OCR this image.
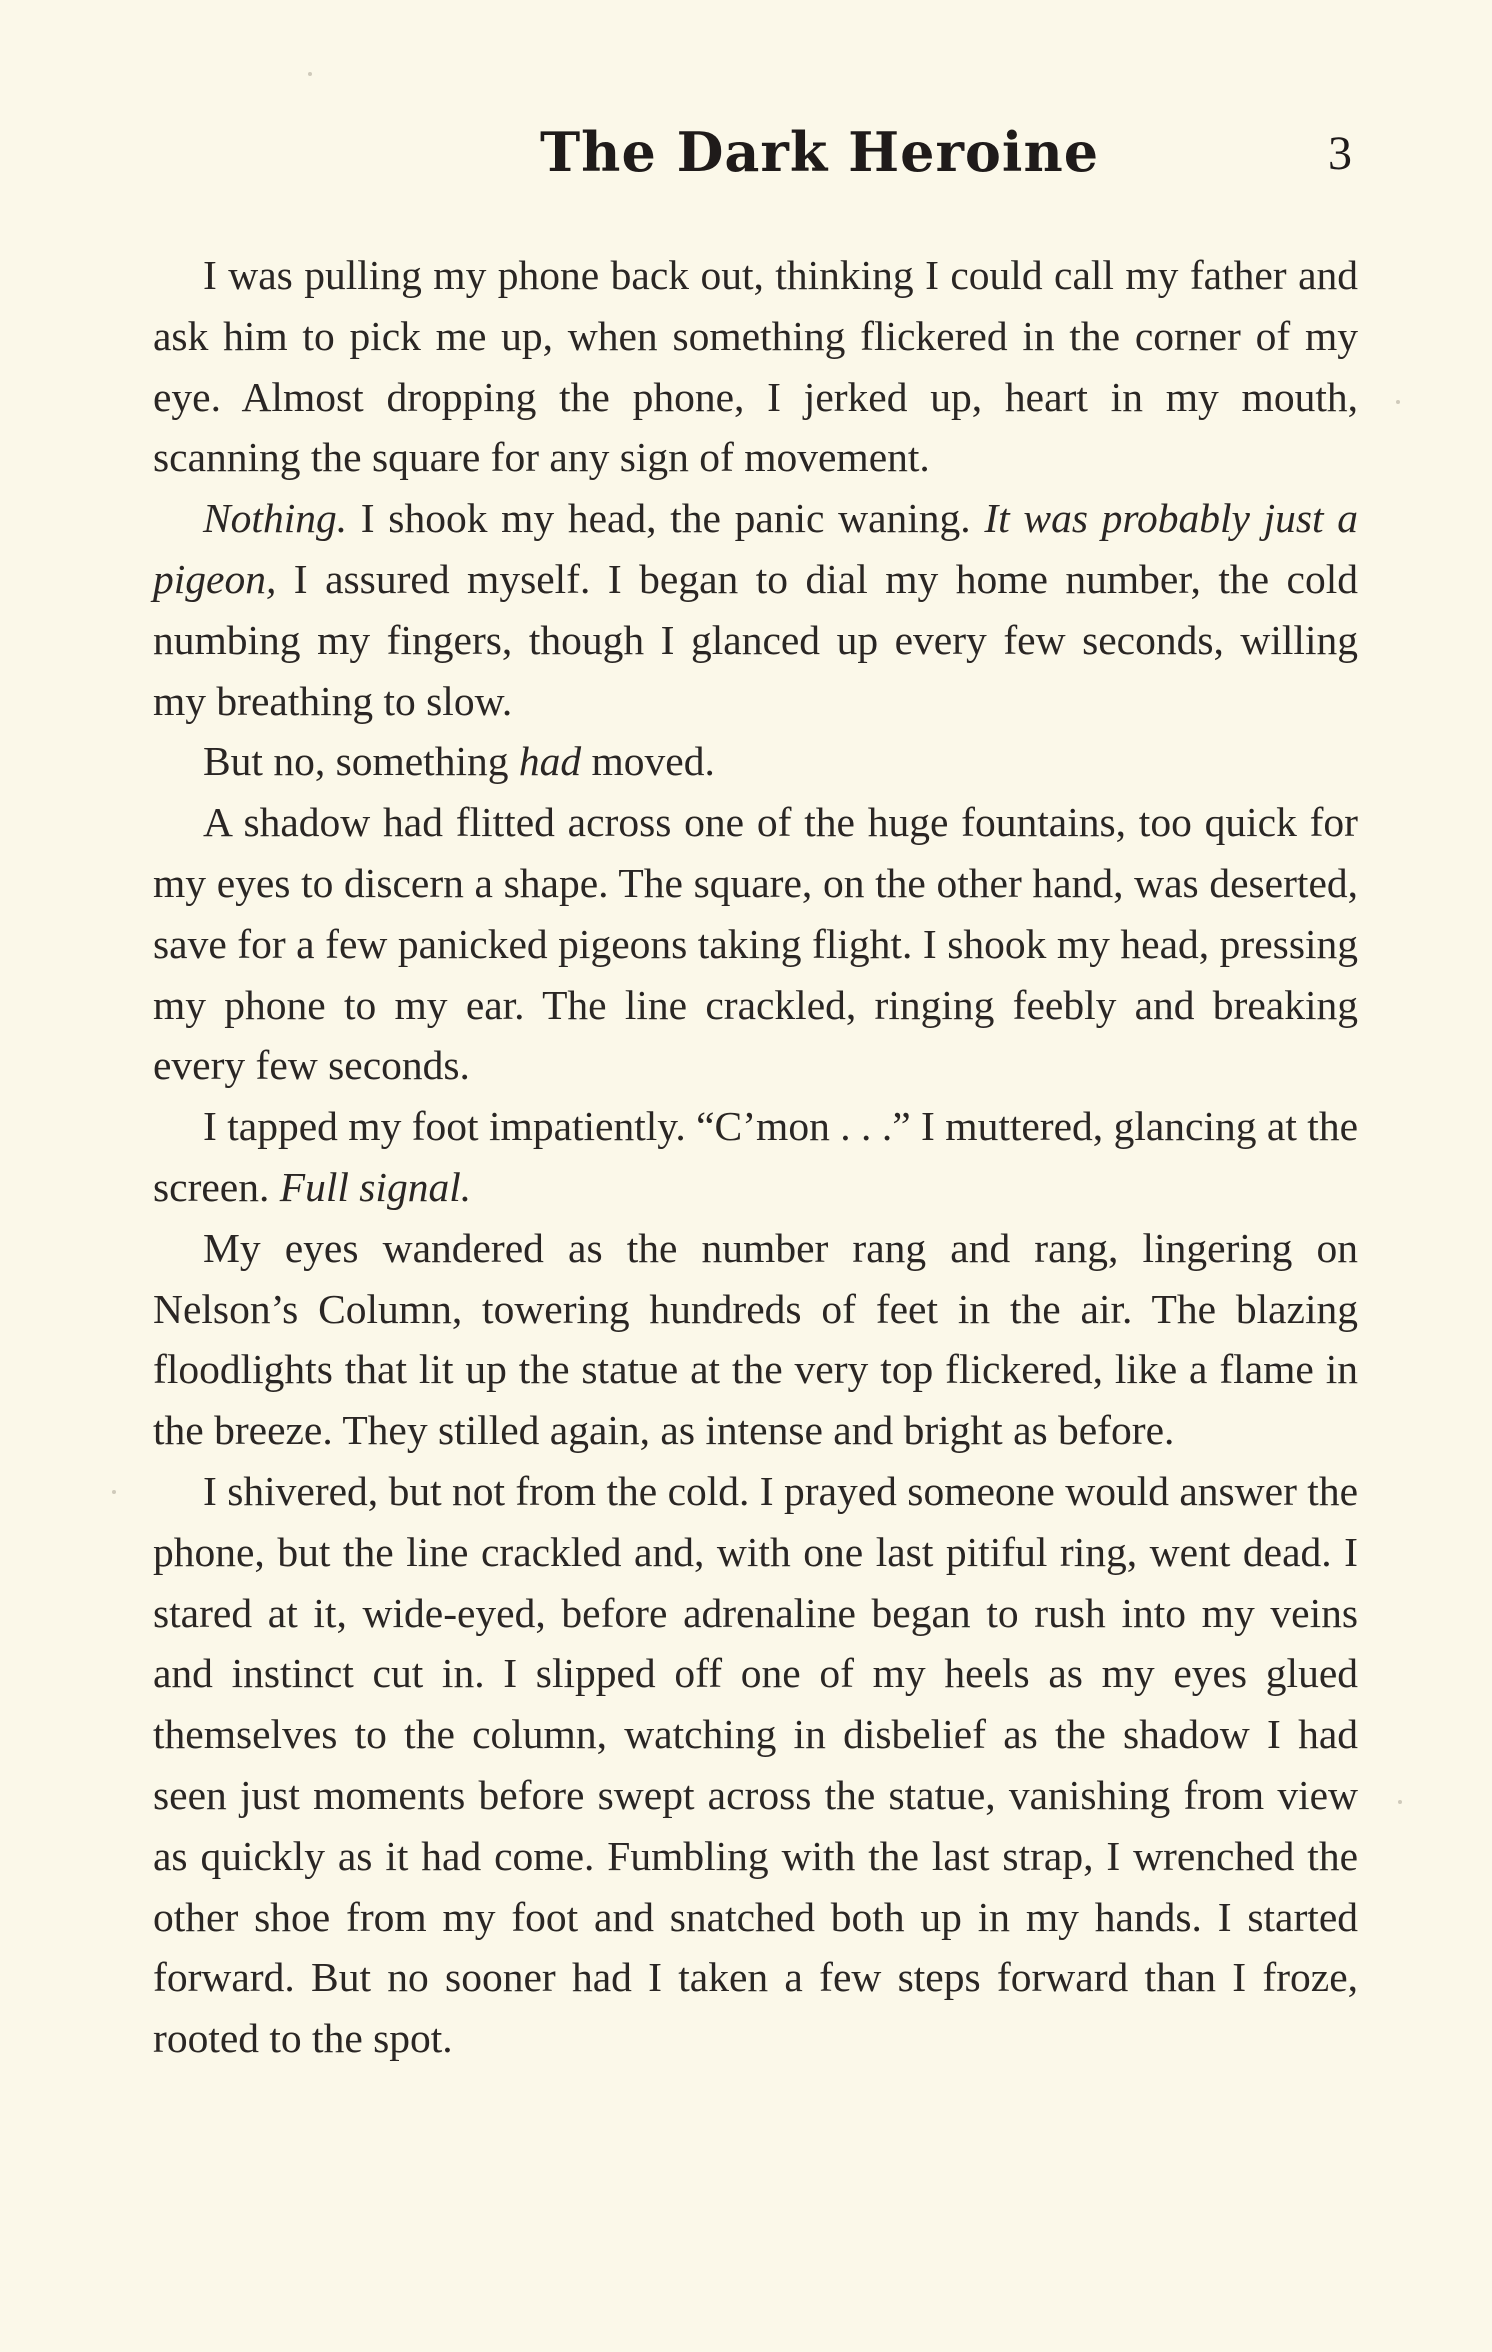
The Dark Heroine	3

I was pulling my phone back out, thinking I could call my father and ask him to pick me up, when something flickered in the corner of my eye. Almost dropping the phone, I jerked up, heart in my mouth, scanning the square for any sign of movement.

Nothing. I shook my head, the panic waning. It was probably just a pigeon, I assured myself. I began to dial my home number, the cold numbing my fingers, though I glanced up every few seconds, willing my breathing to slow.

But no, something had moved.

A shadow had flitted across one of the huge fountains, too quick for my eyes to discern a shape. The square, on the other hand, was deserted, save for a few panicked pigeons taking flight. I shook my head, pressing my phone to my ear. The line crackled, ringing feebly and breaking every few seconds.

I tapped my foot impatiently. “C’mon . . .” I muttered, glancing at the screen. Full signal.

My eyes wandered as the number rang and rang, lingering on Nelson’s Column, towering hundreds of feet in the air. The blazing floodlights that lit up the statue at the very top flickered, like a flame in the breeze. They stilled again, as intense and bright as before.

I shivered, but not from the cold. I prayed someone would answer the phone, but the line crackled and, with one last pitiful ring, went dead. I stared at it, wide-eyed, before adrenaline began to rush into my veins and instinct cut in. I slipped off one of my heels as my eyes glued themselves to the column, watching in disbelief as the shadow I had seen just moments before swept across the statue, vanishing from view as quickly as it had come. Fumbling with the last strap, I wrenched the other shoe from my foot and snatched both up in my hands. I started forward. But no sooner had I taken a few steps forward than I froze, rooted to the spot.
